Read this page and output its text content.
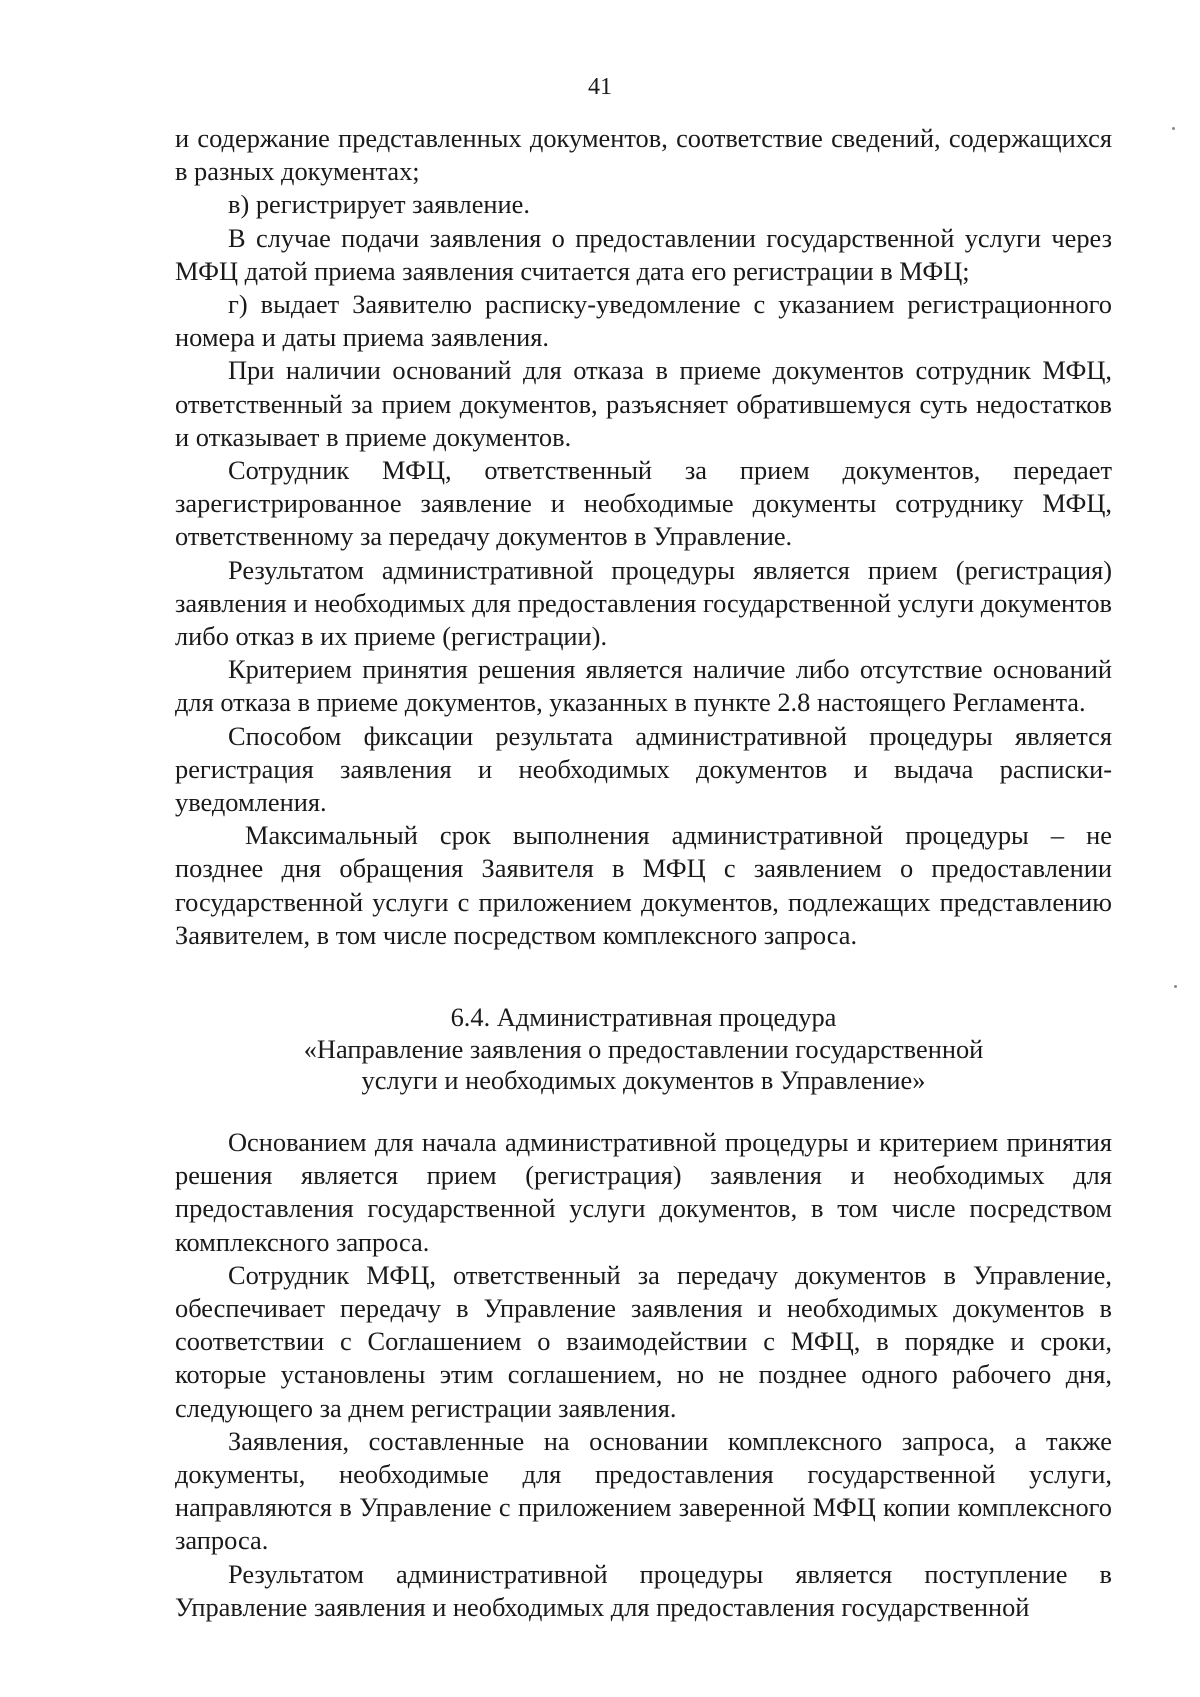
41

и содержание представленных документов, соответствие сведений, содержащихся в разных документах;

в) регистрирует заявление.

В случае подачи заявления о предоставлении государственной услуги через МФЦ датой приема заявления считается дата его регистрации в МФЦ;

г) выдает Заявителю расписку-уведомление с указанием регистрационного номера и даты приема заявления.

При наличии оснований для отказа в приеме документов сотрудник МФЦ, ответственный за прием документов, разъясняет обратившемуся суть недостатков и отказывает в приеме документов.

Сотрудник МФЦ, ответственный за прием документов, передает зарегистрированное заявление и необходимые документы сотруднику МФЦ, ответственному за передачу документов в Управление.

Результатом административной процедуры является прием (регистрация) заявления и необходимых для предоставления государственной услуги документов либо отказ в их приеме (регистрации).

Критерием принятия решения является наличие либо отсутствие оснований для отказа в приеме документов, указанных в пункте 2.8 настоящего Регламента.

Способом фиксации результата административной процедуры является регистрация заявления и необходимых документов и выдача расписки-уведомления.

Максимальный срок выполнения административной процедуры – не позднее дня обращения Заявителя в МФЦ с заявлением о предоставлении государственной услуги с приложением документов, подлежащих представлению Заявителем, в том числе посредством комплексного запроса.

6.4. Административная процедура
«Направление заявления о предоставлении государственной
услуги и необходимых документов в Управление»

Основанием для начала административной процедуры и критерием принятия решения является прием (регистрация) заявления и необходимых для предоставления государственной услуги документов, в том числе посредством комплексного запроса.

Сотрудник МФЦ, ответственный за передачу документов в Управление, обеспечивает передачу в Управление заявления и необходимых документов в соответствии с Соглашением о взаимодействии с МФЦ, в порядке и сроки, которые установлены этим соглашением, но не позднее одного рабочего дня, следующего за днем регистрации заявления.

Заявления, составленные на основании комплексного запроса, а также документы, необходимые для предоставления государственной услуги, направляются в Управление с приложением заверенной МФЦ копии комплексного запроса.

Результатом административной процедуры является поступление в Управление заявления и необходимых для предоставления государственной
